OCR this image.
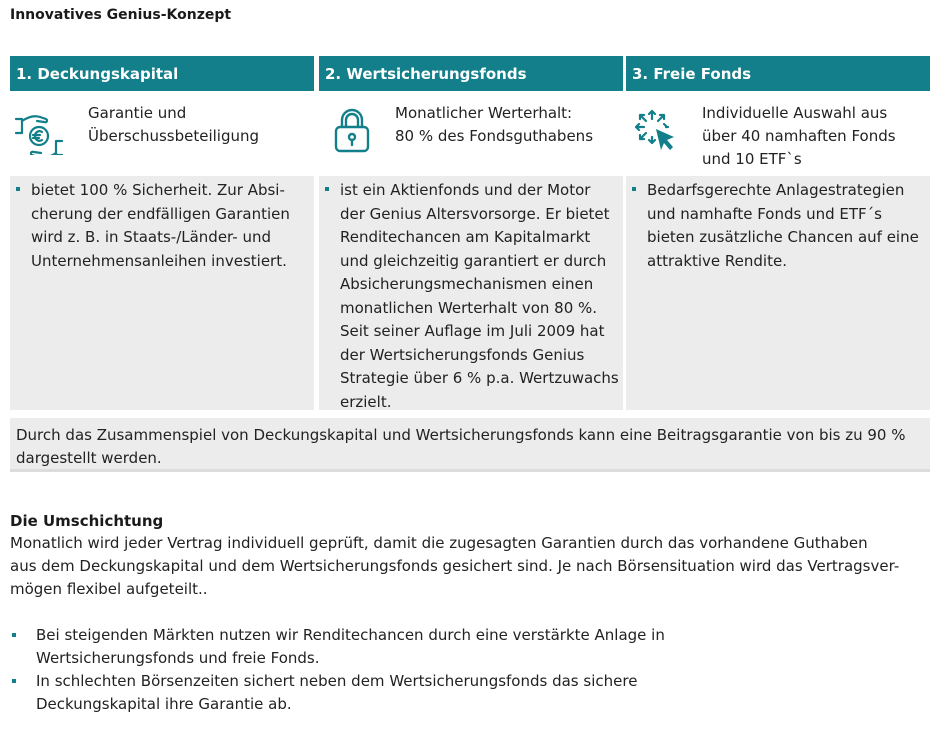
Innovatives Genius-Konzept
1. Deckungskapital
Garantie und
Überschussbeteiligung
bietet 100 % Sicherheit. Zur Absi-
cherung der endfälligen Garantien
wird z. B. in Staats-/Länder- und
Unternehmensanleihen investiert.
2. Wertsicherungsfonds
Monatlicher Werterhalt:
80 % des Fondsguthabens
ist ein Aktienfonds und der Motor
der Genius Altersvorsorge. Er bietet
Renditechancen am Kapitalmarkt
und gleichzeitig garantiert er durch
Absicherungsmechanismen einen
monatlichen Werterhalt von 80 %.
Seit seiner Auflage im Juli 2009 hat
der Wertsicherungsfonds Genius
Strategie über 6 % p.a. Wertzuwachs
erzielt.
3. Freie Fonds
Individuelle Auswahl aus
über 40 namhaften Fonds
und 10 ETF`s
Bedarfsgerechte Anlagestrategien
und namhafte Fonds und ETF´s
bieten zusätzliche Chancen auf eine
attraktive Rendite.
Durch das Zusammenspiel von Deckungskapital und Wertsicherungsfonds kann eine Beitragsgarantie von bis zu 90 %
dargestellt werden.
Die Umschichtung
Monatlich wird jeder Vertrag individuell geprüft, damit die zugesagten Garantien durch das vorhandene Guthaben
aus dem Deckungskapital und dem Wertsicherungsfonds gesichert sind. Je nach Börsensituation wird das Vertragsver-
mögen flexibel aufgeteilt..
Bei steigenden Märkten nutzen wir Renditechancen durch eine verstärkte Anlage in
Wertsicherungsfonds und freie Fonds.
In schlechten Börsenzeiten sichert neben dem Wertsicherungsfonds das sichere
Deckungskapital ihre Garantie ab.
